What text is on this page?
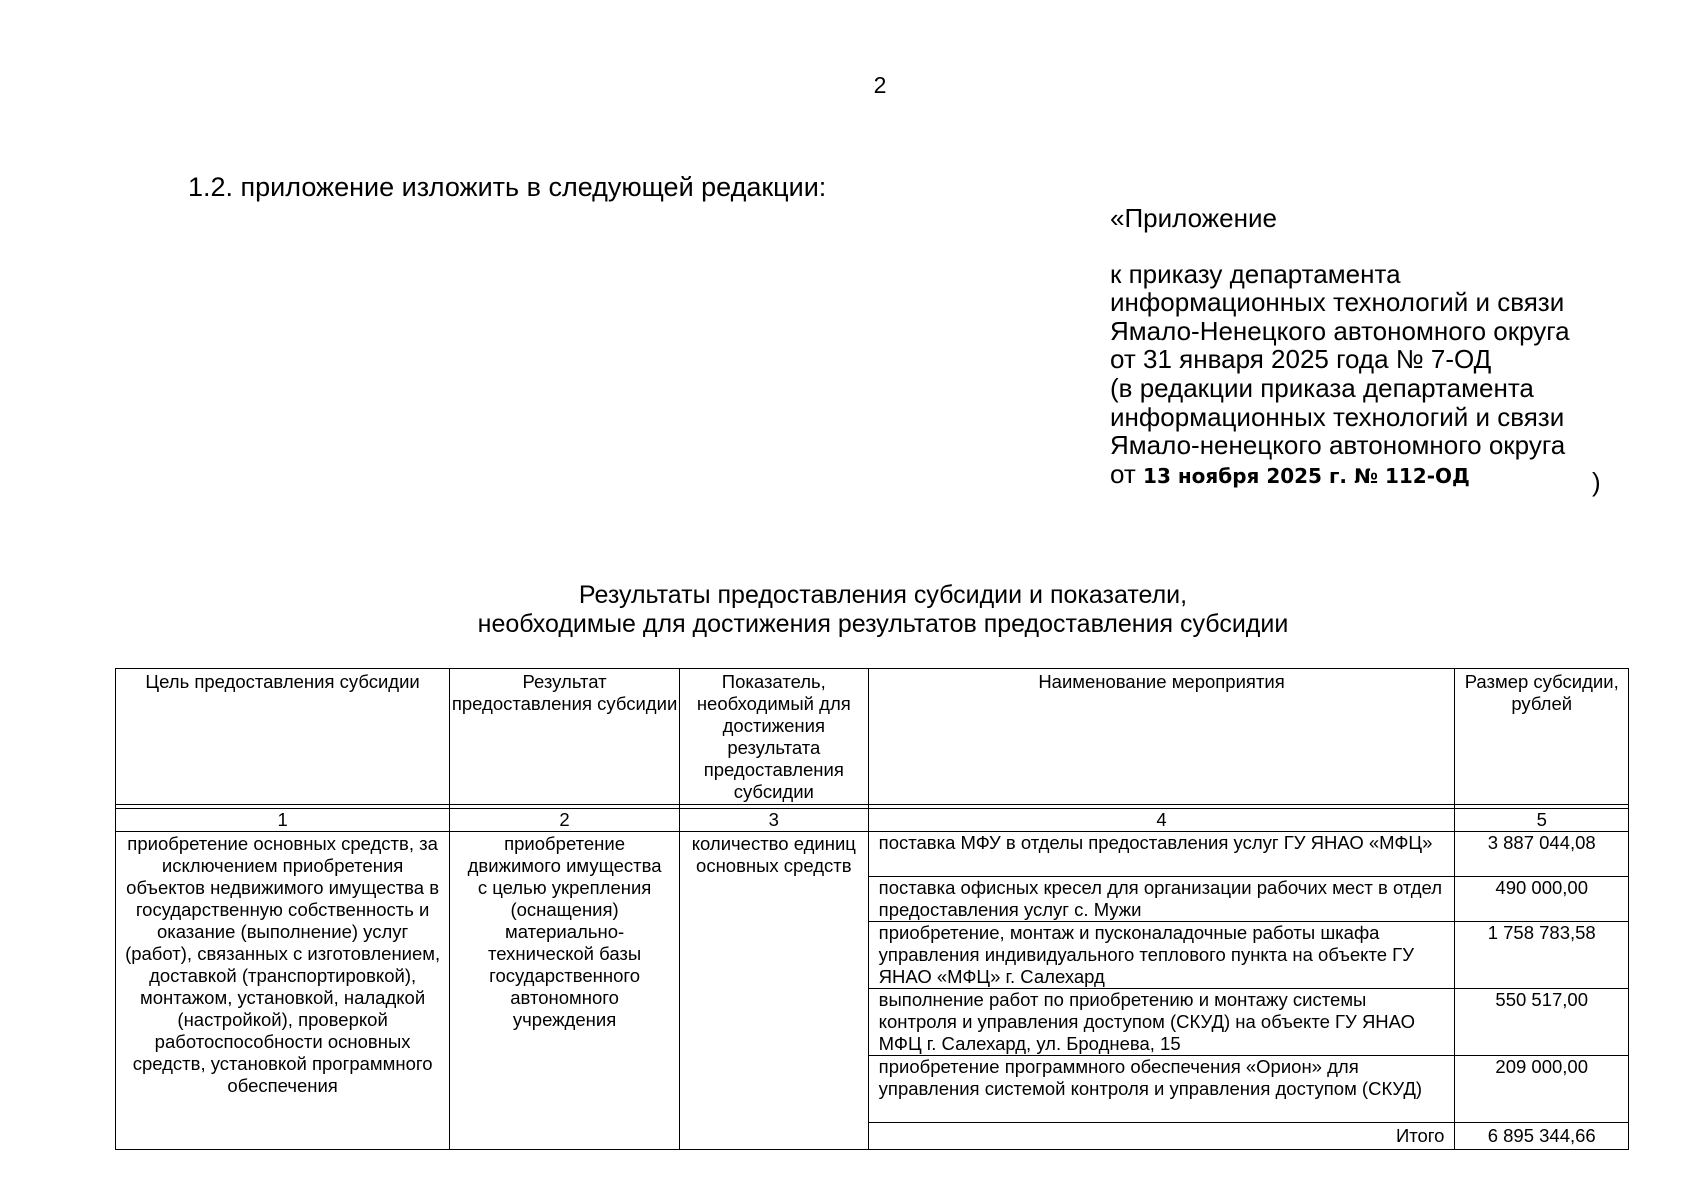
2
1.2. приложение изложить в следующей редакции:
«Приложение
к приказу департамента
информационных технологий и связи
Ямало-Ненецкого автономного округа
от 31 января 2025 года № 7-ОД
(в редакции приказа департамента
информационных технологий и связи
Ямало-ненецкого автономного округа
от 13 ноября 2025 г. № 112-ОД	)
Результаты предоставления субсидии и показатели,
необходимые для достижения результатов предоставления субсидии
Цель предоставления субсидии	Результат предоставления субсидии	Показатель, необходимый для достижения результата предоставления субсидии	Наименование мероприятия	Размер субсидии, рублей

1	2	3	4	5
приобретение основных средств, за исключением приобретения объектов недвижимого имущества в государственную собственность и оказание (выполнение) услуг (работ), связанных с изготовлением, доставкой (транспортировкой), монтажом, установкой, наладкой (настройкой), проверкой работоспособности основных средств, установкой программного обеспечения	приобретение движимого имущества с целью укрепления (оснащения) материально-технической базы государственного автономного учреждения	количество единиц основных средств	поставка МФУ в отделы предоставления услуг ГУ ЯНАО «МФЦ»	3 887 044,08
			поставка офисных кресел для организации рабочих мест в отдел предоставления услуг с. Мужи	490 000,00
			приобретение, монтаж и пусконаладочные работы шкафа управления индивидуального теплового пункта на объекте ГУ ЯНАО «МФЦ» г. Салехард	1 758 783,58
			выполнение работ по приобретению и монтажу системы контроля и управления доступом (СКУД) на объекте ГУ ЯНАО МФЦ г. Салехард, ул. Броднева, 15	550 517,00
			приобретение программного обеспечения «Орион» для управления системой контроля и управления доступом (СКУД)	209 000,00
			Итого	6 895 344,66
